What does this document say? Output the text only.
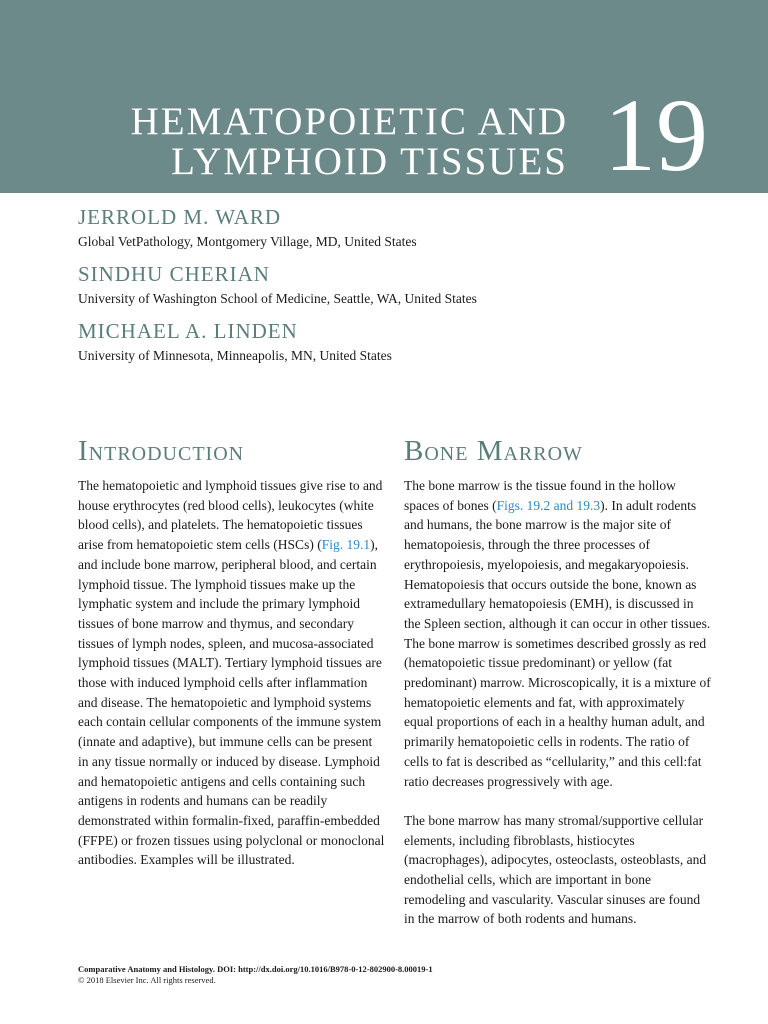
HEMATOPOIETIC AND
LYMPHOID TISSUES 19
JERROLD M. WARD
Global VetPathology, Montgomery Village, MD, United States
SINDHU CHERIAN
University of Washington School of Medicine, Seattle, WA, United States
MICHAEL A. LINDEN
University of Minnesota, Minneapolis, MN, United States
Introduction

The hematopoietic and lymphoid tissues give rise to and house erythrocytes (red blood cells), leukocytes (white blood cells), and platelets. The hematopoietic tissues arise from hematopoietic stem cells (HSCs) (Fig. 19.1), and include bone marrow, peripheral blood, and certain lymphoid tissue. The lymphoid tissues make up the lymphatic system and include the primary lymphoid tissues of bone marrow and thymus, and secondary tissues of lymph nodes, spleen, and mucosa-associated lymphoid tissues (MALT). Tertiary lymphoid tissues are those with induced lymphoid cells after inflammation and disease. The hematopoietic and lymphoid systems each contain cellular components of the immune system (innate and adaptive), but immune cells can be present in any tissue normally or induced by disease. Lymphoid and hematopoietic antigens and cells containing such antigens in rodents and humans can be readily demonstrated within formalin-fixed, paraffin-embedded (FFPE) or frozen tissues using polyclonal or monoclonal antibodies. Examples will be illustrated.

Bone Marrow

The bone marrow is the tissue found in the hollow spaces of bones (Figs. 19.2 and 19.3). In adult rodents and humans, the bone marrow is the major site of hematopoiesis, through the three processes of erythropoiesis, myelopoiesis, and megakaryopoiesis. Hematopoiesis that occurs outside the bone, known as extramedullary hematopoiesis (EMH), is discussed in the Spleen section, although it can occur in other tissues. The bone marrow is sometimes described grossly as red (hematopoietic tissue predominant) or yellow (fat predominant) marrow. Microscopically, it is a mixture of hematopoietic elements and fat, with approximately equal proportions of each in a healthy human adult, and primarily hematopoietic cells in rodents. The ratio of cells to fat is described as “cellularity,” and this cell:fat ratio decreases progressively with age.

The bone marrow has many stromal/supportive cellular elements, including fibroblasts, histiocytes (macrophages), adipocytes, osteoclasts, osteoblasts, and endothelial cells, which are important in bone remodeling and vascularity. Vascular sinuses are found in the marrow of both rodents and humans.

Comparative Anatomy and Histology. DOI: http://dx.doi.org/10.1016/B978-0-12-802900-8.00019-1
© 2018 Elsevier Inc. All rights reserved.
